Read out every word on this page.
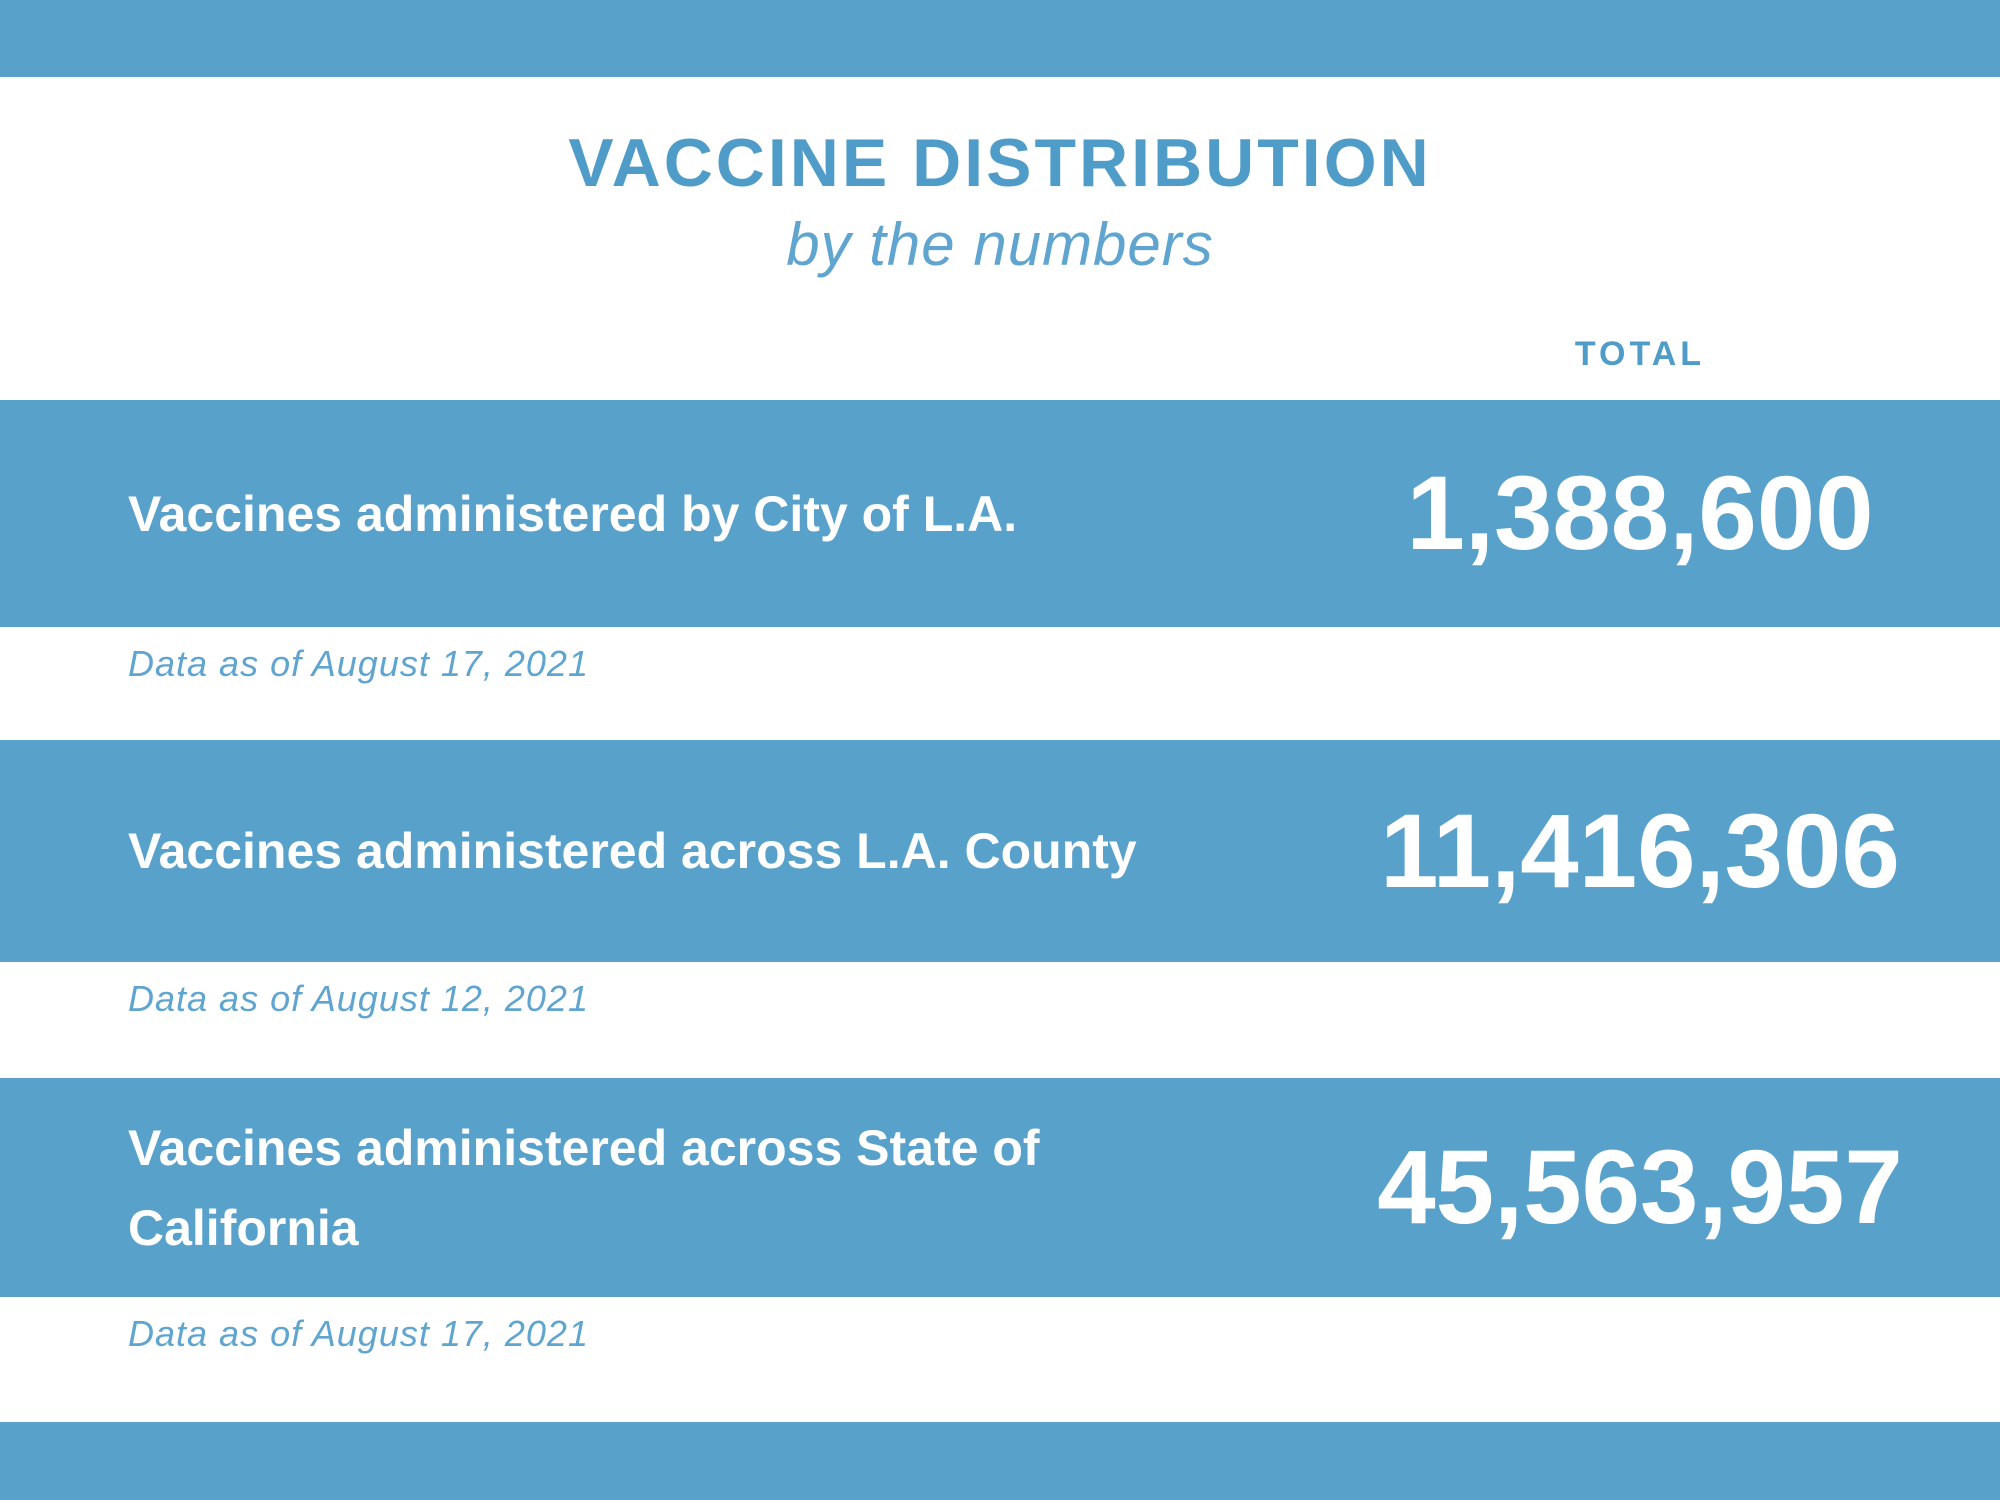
VACCINE DISTRIBUTION
by the numbers
TOTAL
Vaccines administered by City of L.A.	1,388,600
Data as of August 17, 2021
Vaccines administered across L.A. County	11,416,306
Data as of August 12, 2021
Vaccines administered across State of California	45,563,957
Data as of August 17, 2021
